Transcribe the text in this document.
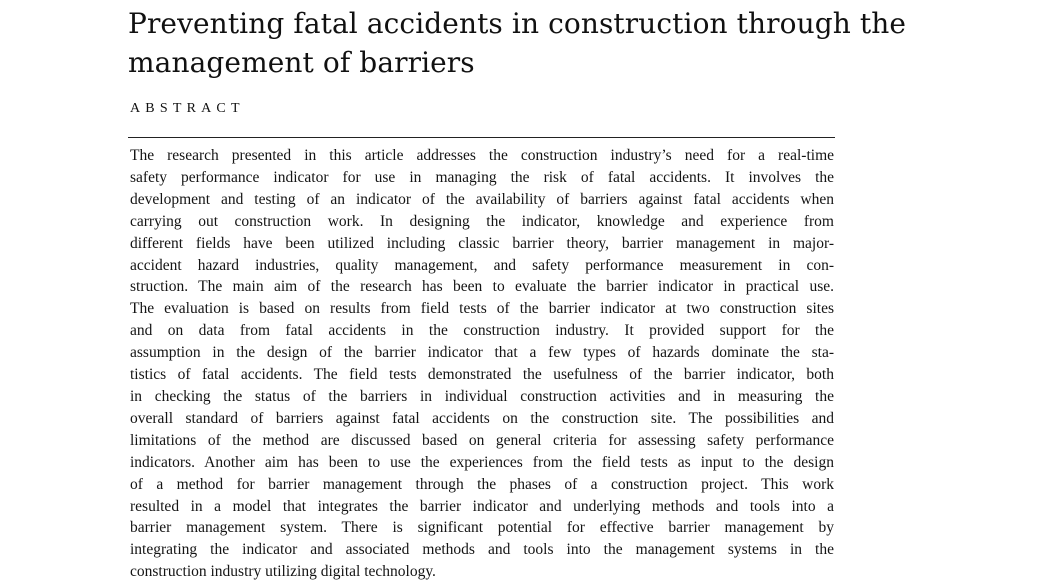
Preventing fatal accidents in construction through the
management of barriers
ABSTRACT
The research presented in this article addresses the construction industry’s need for a real-time
safety performance indicator for use in managing the risk of fatal accidents. It involves the
development and testing of an indicator of the availability of barriers against fatal accidents when
carrying out construction work. In designing the indicator, knowledge and experience from
different fields have been utilized including classic barrier theory, barrier management in major-
accident hazard industries, quality management, and safety performance measurement in con-
struction. The main aim of the research has been to evaluate the barrier indicator in practical use.
The evaluation is based on results from field tests of the barrier indicator at two construction sites
and on data from fatal accidents in the construction industry. It provided support for the
assumption in the design of the barrier indicator that a few types of hazards dominate the sta-
tistics of fatal accidents. The field tests demonstrated the usefulness of the barrier indicator, both
in checking the status of the barriers in individual construction activities and in measuring the
overall standard of barriers against fatal accidents on the construction site. The possibilities and
limitations of the method are discussed based on general criteria for assessing safety performance
indicators. Another aim has been to use the experiences from the field tests as input to the design
of a method for barrier management through the phases of a construction project. This work
resulted in a model that integrates the barrier indicator and underlying methods and tools into a
barrier management system. There is significant potential for effective barrier management by
integrating the indicator and associated methods and tools into the management systems in the
construction industry utilizing digital technology.
